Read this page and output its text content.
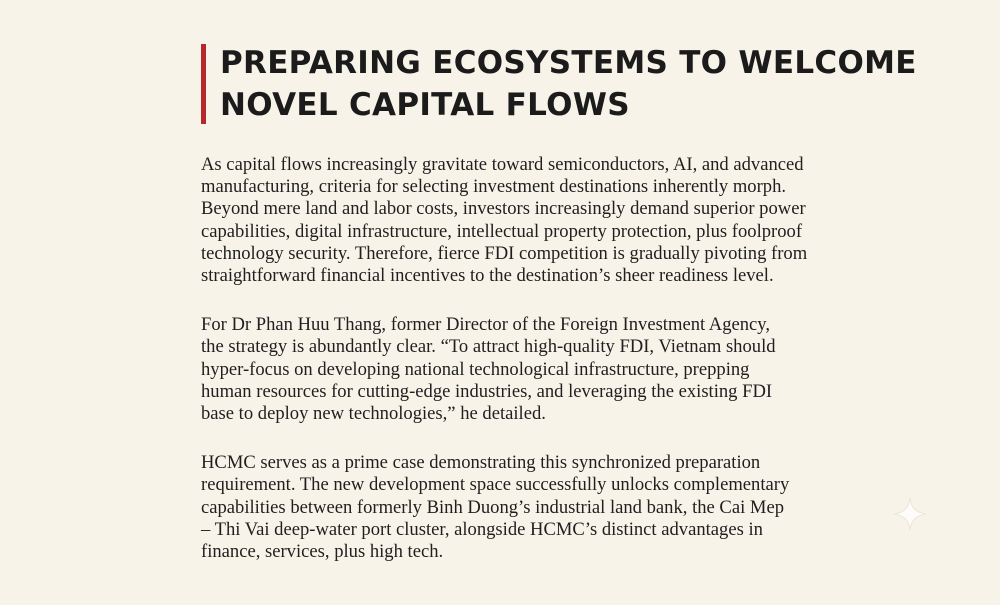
PREPARING ECOSYSTEMS TO WELCOME
NOVEL CAPITAL FLOWS

As capital flows increasingly gravitate toward semiconductors, AI, and advanced
manufacturing, criteria for selecting investment destinations inherently morph.
Beyond mere land and labor costs, investors increasingly demand superior power
capabilities, digital infrastructure, intellectual property protection, plus foolproof
technology security. Therefore, fierce FDI competition is gradually pivoting from
straightforward financial incentives to the destination’s sheer readiness level.

For Dr Phan Huu Thang, former Director of the Foreign Investment Agency,
the strategy is abundantly clear. “To attract high-quality FDI, Vietnam should
hyper-focus on developing national technological infrastructure, prepping
human resources for cutting-edge industries, and leveraging the existing FDI
base to deploy new technologies,” he detailed.

HCMC serves as a prime case demonstrating this synchronized preparation
requirement. The new development space successfully unlocks complementary
capabilities between formerly Binh Duong’s industrial land bank, the Cai Mep
– Thi Vai deep-water port cluster, alongside HCMC’s distinct advantages in
finance, services, plus high tech.
